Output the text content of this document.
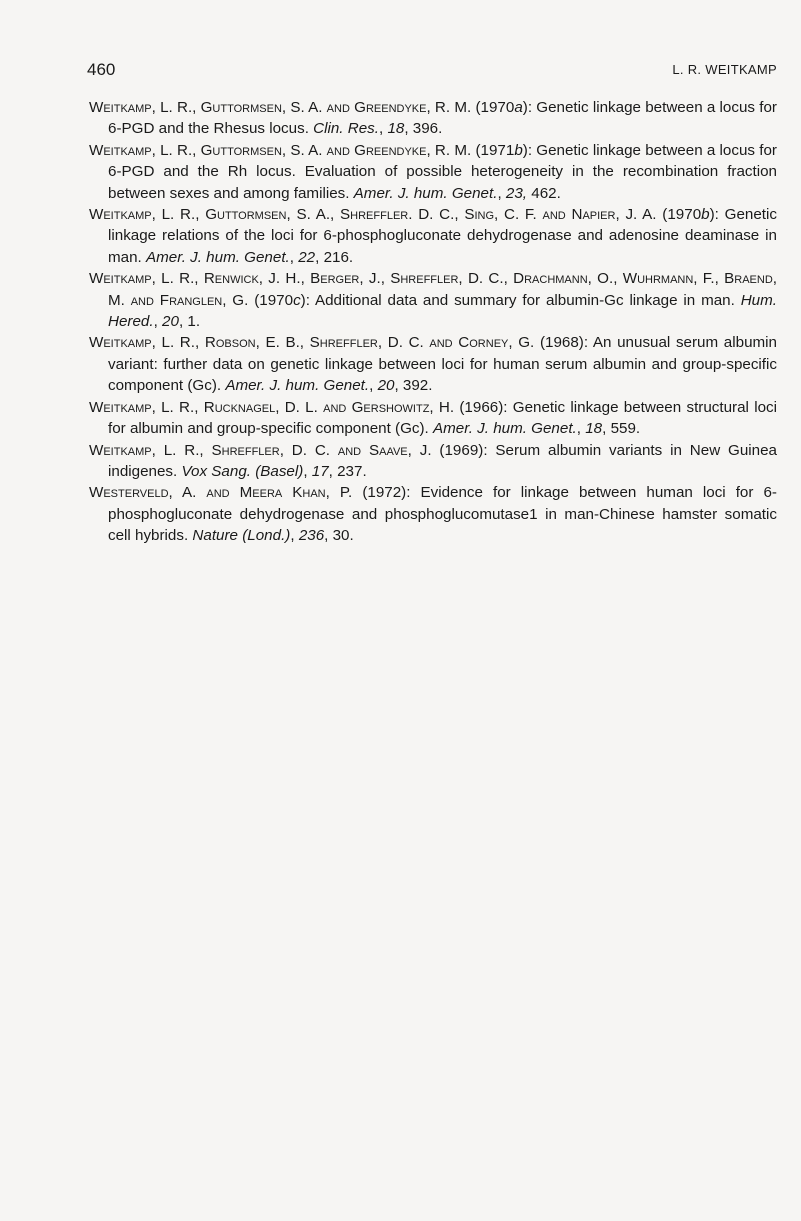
460	L. R. WEITKAMP

Weitkamp, L. R., Guttormsen, S. A. and Greendyke, R. M. (1970a): Genetic linkage between a locus for 6-PGD and the Rhesus locus. Clin. Res., 18, 396.

Weitkamp, L. R., Guttormsen, S. A. and Greendyke, R. M. (1971b): Genetic linkage between a locus for 6-PGD and the Rh locus. Evaluation of possible heterogeneity in the recombination fraction between sexes and among families. Amer. J. hum. Genet., 23, 462.

Weitkamp, L. R., Guttormsen, S. A., Shreffler. D. C., Sing, C. F. and Napier, J. A. (1970b): Genetic linkage relations of the loci for 6-phosphogluconate dehydrogenase and adenosine deaminase in man. Amer. J. hum. Genet., 22, 216.

Weitkamp, L. R., Renwick, J. H., Berger, J., Shreffler, D. C., Drachmann, O., Wuhrmann, F., Braend, M. and Franglen, G. (1970c): Additional data and summary for albumin-Gc linkage in man. Hum. Hered., 20, 1.

Weitkamp, L. R., Robson, E. B., Shreffler, D. C. and Corney, G. (1968): An unusual serum albumin variant: further data on genetic linkage between loci for human serum albumin and group-specific component (Gc). Amer. J. hum. Genet., 20, 392.

Weitkamp, L. R., Rucknagel, D. L. and Gershowitz, H. (1966): Genetic linkage between structural loci for albumin and group-specific component (Gc). Amer. J. hum. Genet., 18, 559.

Weitkamp, L. R., Shreffler, D. C. and Saave, J. (1969): Serum albumin variants in New Guinea indigenes. Vox Sang. (Basel), 17, 237.

Westerveld, A. and Meera Khan, P. (1972): Evidence for linkage between human loci for 6-phosphogluconate dehydrogenase and phosphoglucomutase1 in man-Chinese hamster somatic cell hybrids. Nature (Lond.), 236, 30.
